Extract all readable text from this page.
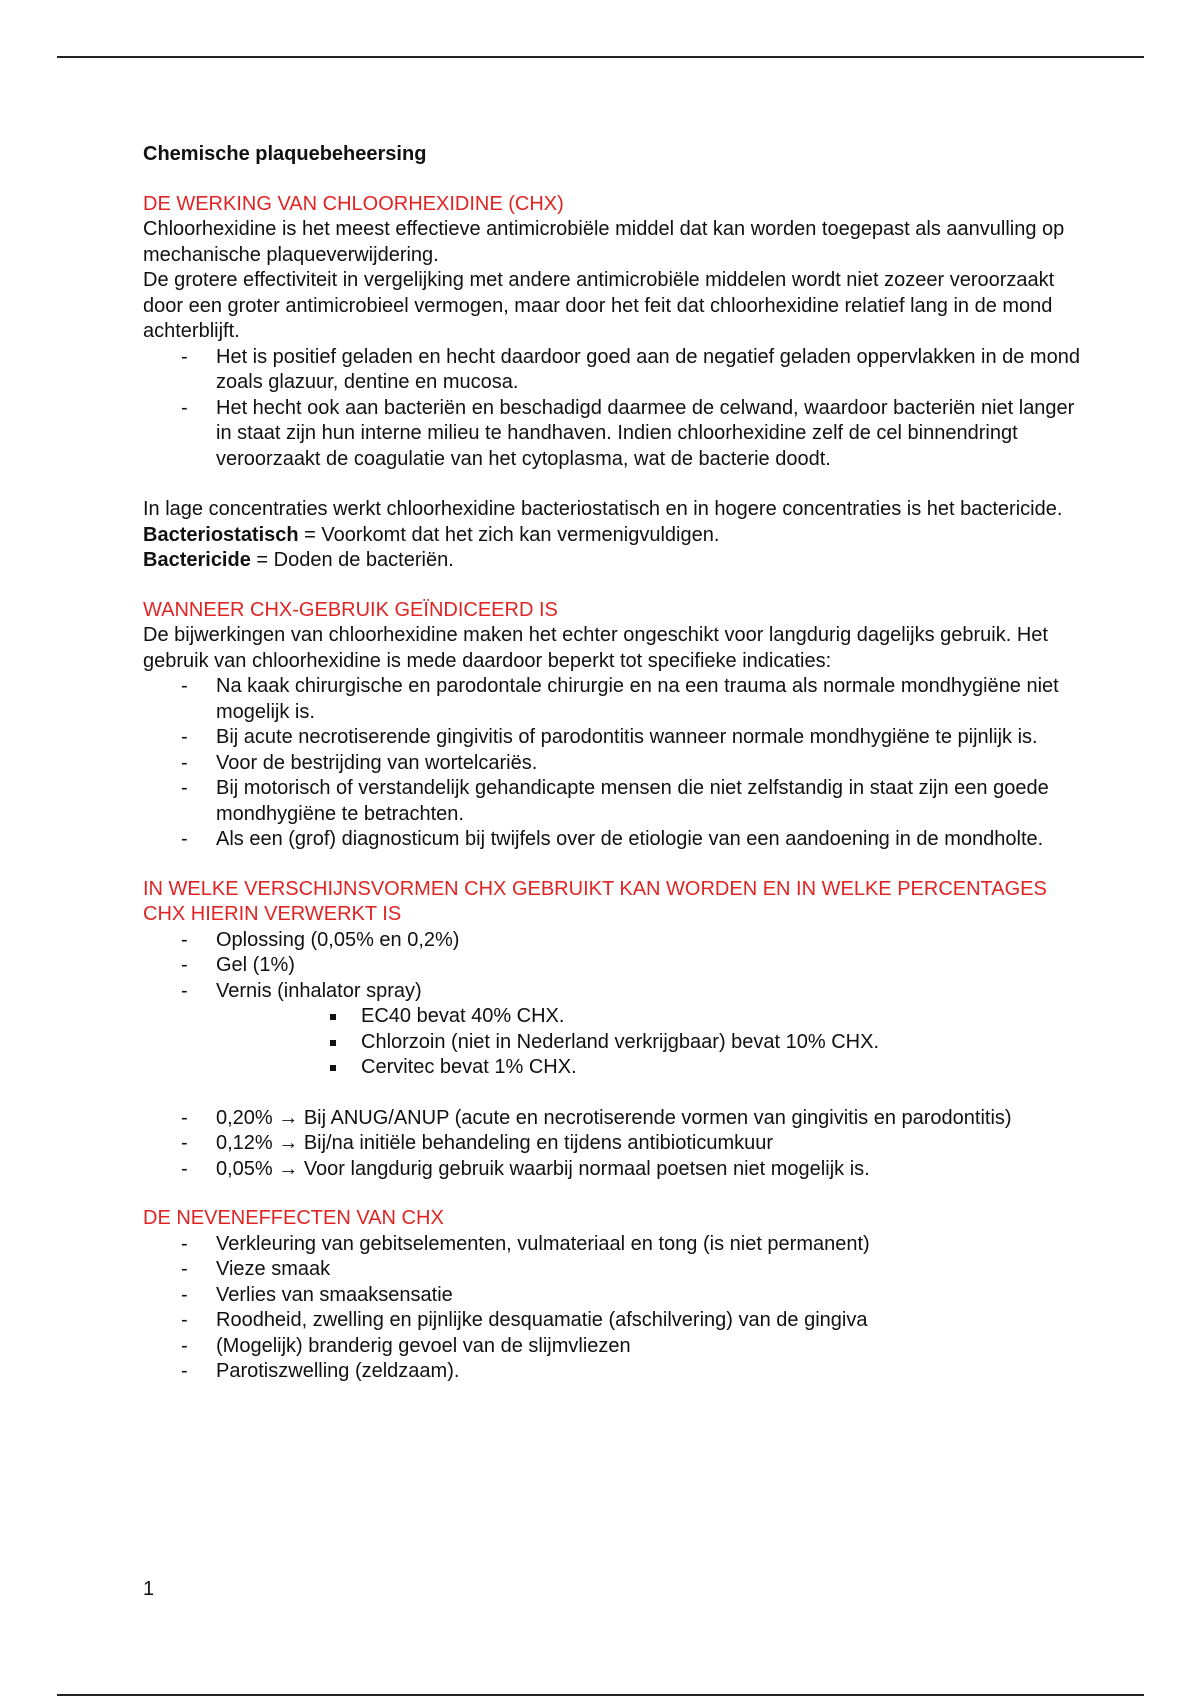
Chemische plaquebeheersing

DE WERKING VAN CHLOORHEXIDINE (CHX)

Chloorhexidine is het meest effectieve antimicrobiële middel dat kan worden toegepast als aanvulling op mechanische plaqueverwijdering.

De grotere effectiviteit in vergelijking met andere antimicrobiële middelen wordt niet zozeer veroorzaakt door een groter antimicrobieel vermogen, maar door het feit dat chloorhexidine relatief lang in de mond achterblijft.

- Het is positief geladen en hecht daardoor goed aan de negatief geladen oppervlakken in de mond zoals glazuur, dentine en mucosa.
- Het hecht ook aan bacteriën en beschadigd daarmee de celwand, waardoor bacteriën niet langer in staat zijn hun interne milieu te handhaven. Indien chloorhexidine zelf de cel binnendringt veroorzaakt de coagulatie van het cytoplasma, wat de bacterie doodt.

In lage concentraties werkt chloorhexidine bacteriostatisch en in hogere concentraties is het bactericide.

Bacteriostatisch = Voorkomt dat het zich kan vermenigvuldigen.

Bactericide = Doden de bacteriën.

WANNEER CHX-GEBRUIK GEÏNDICEERD IS

De bijwerkingen van chloorhexidine maken het echter ongeschikt voor langdurig dagelijks gebruik. Het gebruik van chloorhexidine is mede daardoor beperkt tot specifieke indicaties:

- Na kaak chirurgische en parodontale chirurgie en na een trauma als normale mondhygiëne niet mogelijk is.
- Bij acute necrotiserende gingivitis of parodontitis wanneer normale mondhygiëne te pijnlijk is.
- Voor de bestrijding van wortelcariës.
- Bij motorisch of verstandelijk gehandicapte mensen die niet zelfstandig in staat zijn een goede mondhygiëne te betrachten.
- Als een (grof) diagnosticum bij twijfels over de etiologie van een aandoening in de mondholte.

IN WELKE VERSCHIJNSVORMEN CHX GEBRUIKT KAN WORDEN EN IN WELKE PERCENTAGES CHX HIERIN VERWERKT IS

- Oplossing (0,05% en 0,2%)
- Gel (1%)
- Vernis (inhalator spray)
EC40 bevat 40% CHX.
Chlorzoin (niet in Nederland verkrijgbaar) bevat 10% CHX.
Cervitec bevat 1% CHX.
- 0,20% → Bij ANUG/ANUP (acute en necrotiserende vormen van gingivitis en parodontitis)
- 0,12% → Bij/na initiële behandeling en tijdens antibioticumkuur
- 0,05% → Voor langdurig gebruik waarbij normaal poetsen niet mogelijk is.

DE NEVENEFFECTEN VAN CHX

- Verkleuring van gebitselementen, vulmateriaal en tong (is niet permanent)
- Vieze smaak
- Verlies van smaaksensatie
- Roodheid, zwelling en pijnlijke desquamatie (afschilvering) van de gingiva
- (Mogelijk) branderig gevoel van de slijmvliezen
- Parotiszwelling (zeldzaam).
1
